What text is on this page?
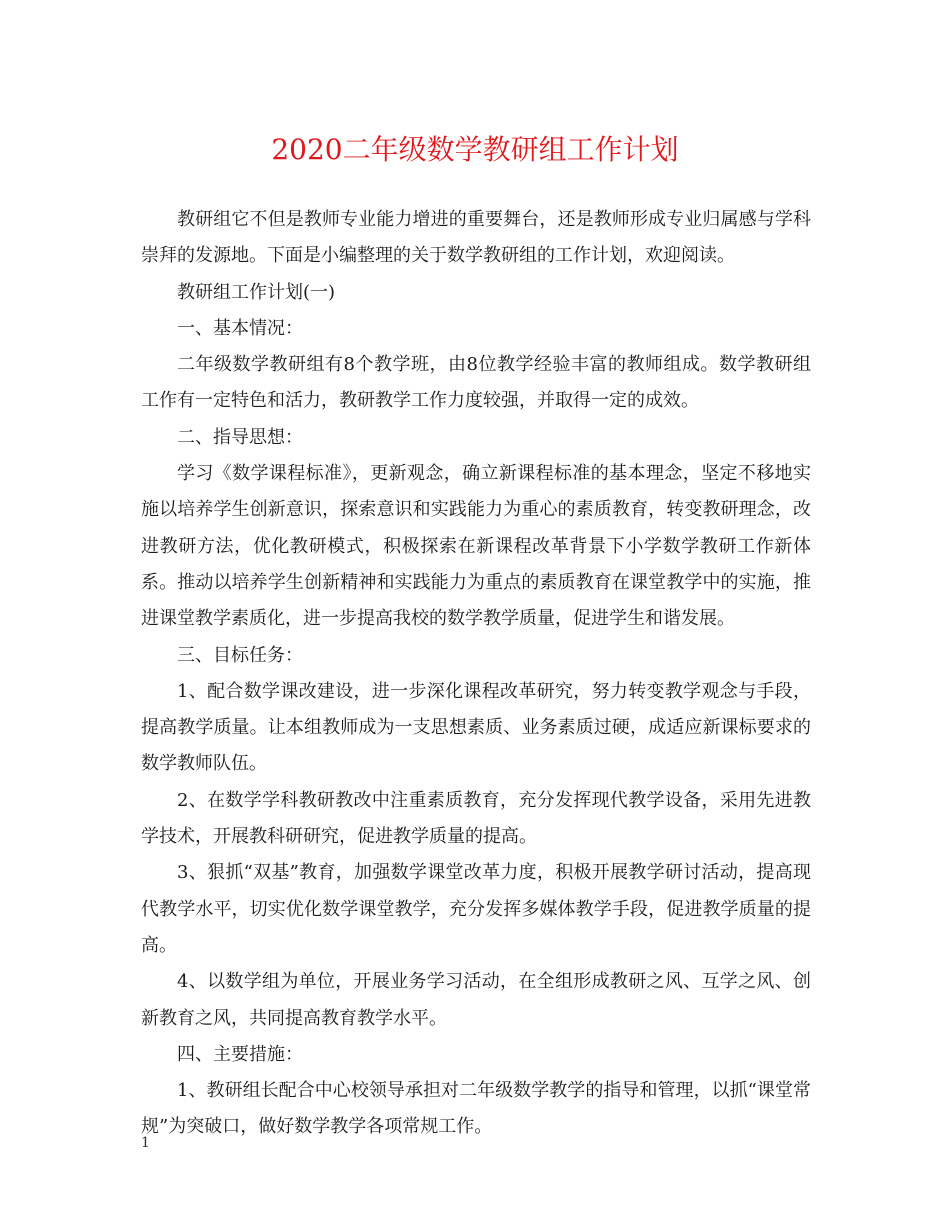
2020二年级数学教研组工作计划

教研组它不但是教师专业能力增进的重要舞台，还是教师形成专业归属感与学科崇拜的发源地。下面是小编整理的关于数学教研组的工作计划，欢迎阅读。

教研组工作计划(一)

一、基本情况：

二年级数学教研组有8个教学班，由8位教学经验丰富的教师组成。数学教研组工作有一定特色和活力，教研教学工作力度较强，并取得一定的成效。

二、指导思想：

学习《数学课程标准》，更新观念，确立新课程标准的基本理念，坚定不移地实施以培养学生创新意识，探索意识和实践能力为重心的素质教育，转变教研理念，改进教研方法，优化教研模式，积极探索在新课程改革背景下小学数学教研工作新体系。推动以培养学生创新精神和实践能力为重点的素质教育在课堂教学中的实施，推进课堂教学素质化，进一步提高我校的数学教学质量，促进学生和谐发展。

三、目标任务：

1、配合数学课改建设，进一步深化课程改革研究，努力转变教学观念与手段，提高教学质量。让本组教师成为一支思想素质、业务素质过硬，成适应新课标要求的数学教师队伍。

2、在数学学科教研教改中注重素质教育，充分发挥现代教学设备，采用先进教学技术，开展教科研研究，促进教学质量的提高。

3、狠抓“双基”教育，加强数学课堂改革力度，积极开展教学研讨活动，提高现代教学水平，切实优化数学课堂教学，充分发挥多媒体教学手段，促进教学质量的提高。

4、以数学组为单位，开展业务学习活动，在全组形成教研之风、互学之风、创新教育之风，共同提高教育教学水平。

四、主要措施：

1、教研组长配合中心校领导承担对二年级数学教学的指导和管理，以抓“课堂常规”为突破口，做好数学教学各项常规工作。

1
